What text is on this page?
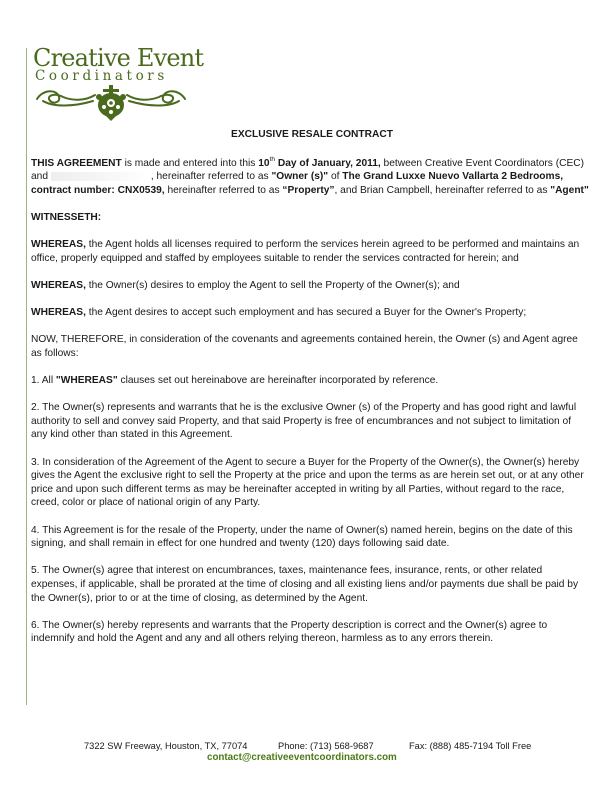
Creative Event
Coordinators
EXCLUSIVE RESALE CONTRACT

THIS AGREEMENT is made and entered into this 10th Day of January, 2011, between Creative Event Coordinators (CEC) and	, hereinafter referred to as "Owner (s)" of The Grand Luxxe Nuevo Vallarta 2 Bedrooms, contract number: CNX0539, hereinafter referred to as “Property”, and Brian Campbell, hereinafter referred to as "Agent"

WITNESSETH:

WHEREAS, the Agent holds all licenses required to perform the services herein agreed to be performed and maintains an office, properly equipped and staffed by employees suitable to render the services contracted for herein; and

WHEREAS, the Owner(s) desires to employ the Agent to sell the Property of the Owner(s); and

WHEREAS, the Agent desires to accept such employment and has secured a Buyer for the Owner's Property;

NOW, THEREFORE, in consideration of the covenants and agreements contained herein, the Owner (s) and Agent agree as follows:

1. All "WHEREAS" clauses set out hereinabove are hereinafter incorporated by reference.

2. The Owner(s) represents and warrants that he is the exclusive Owner (s) of the Property and has good right and lawful authority to sell and convey said Property, and that said Property is free of encumbrances and not subject to limitation of any kind other than stated in this Agreement.

3. In consideration of the Agreement of the Agent to secure a Buyer for the Property of the Owner(s), the Owner(s) hereby gives the Agent the exclusive right to sell the Property at the price and upon the terms as are herein set out, or at any other price and upon such different terms as may be hereinafter accepted in writing by all Parties, without regard to the race, creed, color or place of national origin of any Party.

4. This Agreement is for the resale of the Property, under the name of Owner(s) named herein, begins on the date of this signing, and shall remain in effect for one hundred and twenty (120) days following said date.

5. The Owner(s) agree that interest on encumbrances, taxes, maintenance fees, insurance, rents, or other related expenses, if applicable, shall be prorated at the time of closing and all existing liens and/or payments due shall be paid by the Owner(s), prior to or at the time of closing, as determined by the Agent.

6. The Owner(s) hereby represents and warrants that the Property description is correct and the Owner(s) agree to indemnify and hold the Agent and any and all others relying thereon, harmless as to any errors therein.

7322 SW Freeway, Houston, TX, 77074	Phone: (713) 568-9687	Fax: (888) 485-7194 Toll Free
contact@creativeeventcoordinators.com
